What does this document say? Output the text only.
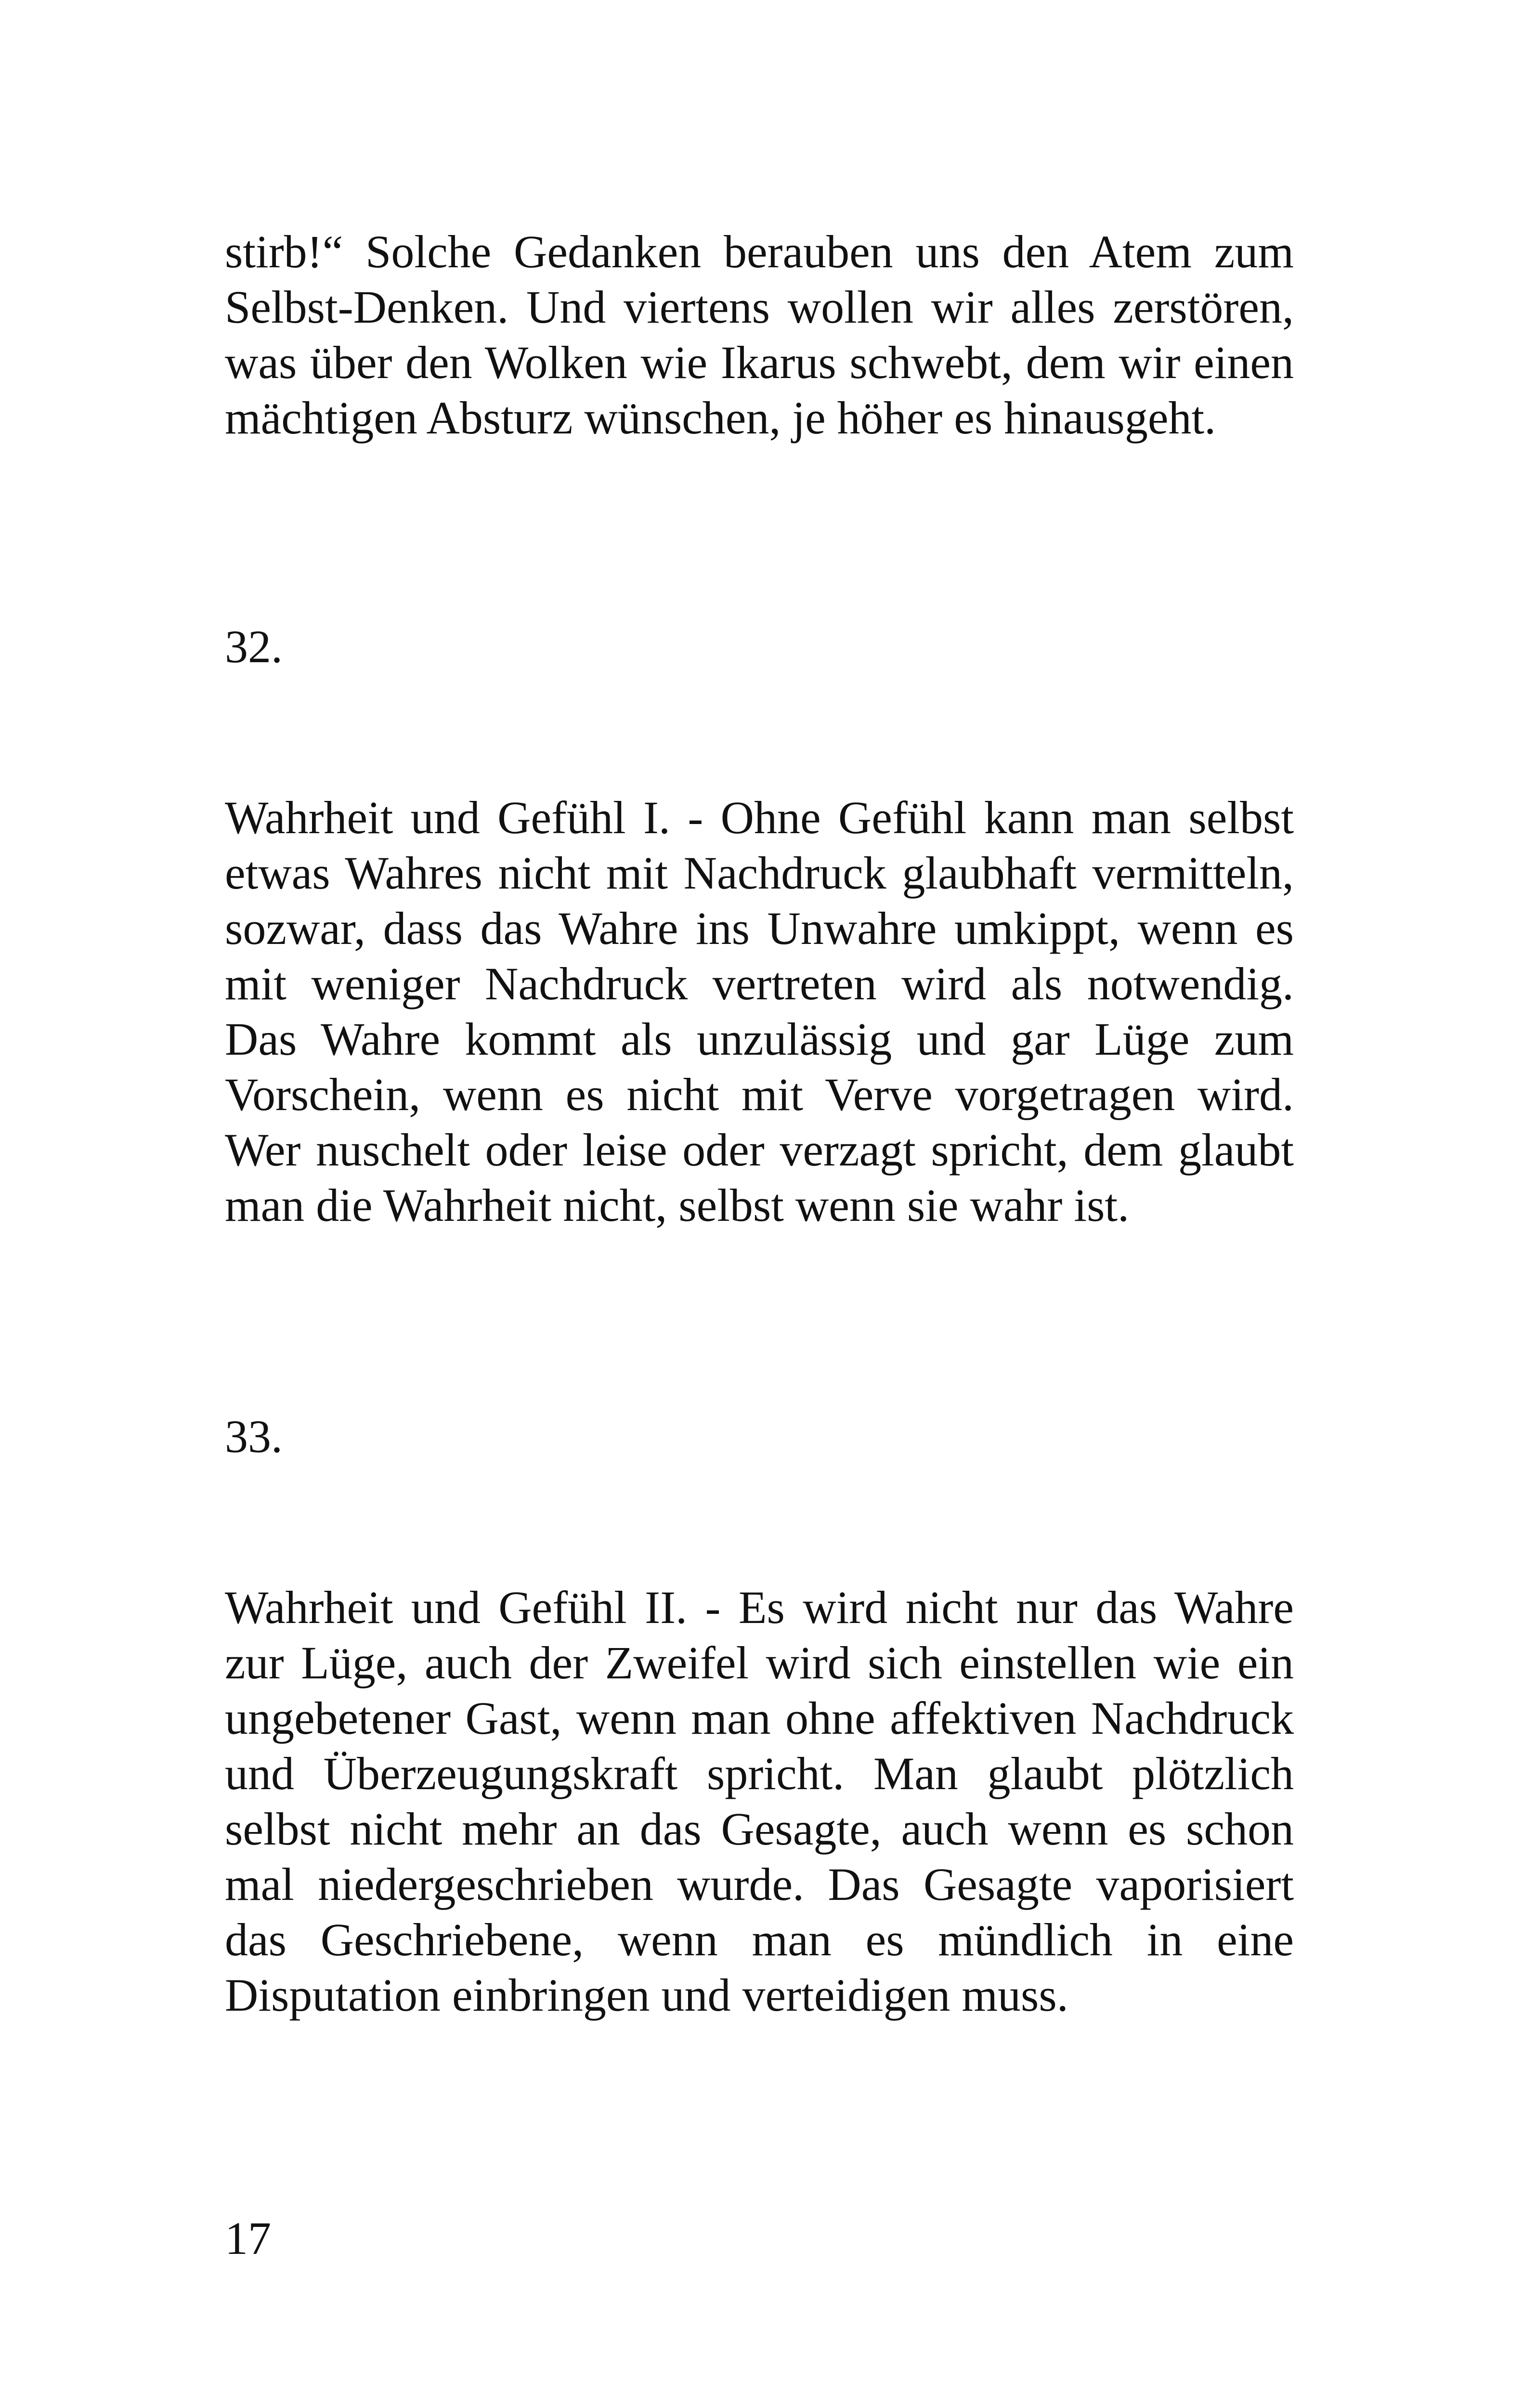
stirb!“ Solche Gedanken berauben uns den Atem zum Selbst-Denken. Und viertens wollen wir alles zerstören, was über den Wolken wie Ikarus schwebt, dem wir einen mächtigen Absturz wünschen, je höher es hinausgeht.

32.

Wahrheit und Gefühl I. - Ohne Gefühl kann man selbst etwas Wahres nicht mit Nachdruck glaubhaft vermitteln, sozwar, dass das Wahre ins Unwahre umkippt, wenn es mit weniger Nachdruck vertreten wird als notwendig. Das Wahre kommt als unzulässig und gar Lüge zum Vorschein, wenn es nicht mit Verve vorgetragen wird. Wer nuschelt oder leise oder verzagt spricht, dem glaubt man die Wahrheit nicht, selbst wenn sie wahr ist.

33.

Wahrheit und Gefühl II. - Es wird nicht nur das Wahre zur Lüge, auch der Zweifel wird sich einstellen wie ein ungebetener Gast, wenn man ohne affektiven Nachdruck und Überzeugungskraft spricht. Man glaubt plötzlich selbst nicht mehr an das Gesagte, auch wenn es schon mal niedergeschrieben wurde. Das Gesagte vaporisiert das Geschriebene, wenn man es mündlich in eine Disputation einbringen und verteidigen muss.

17
